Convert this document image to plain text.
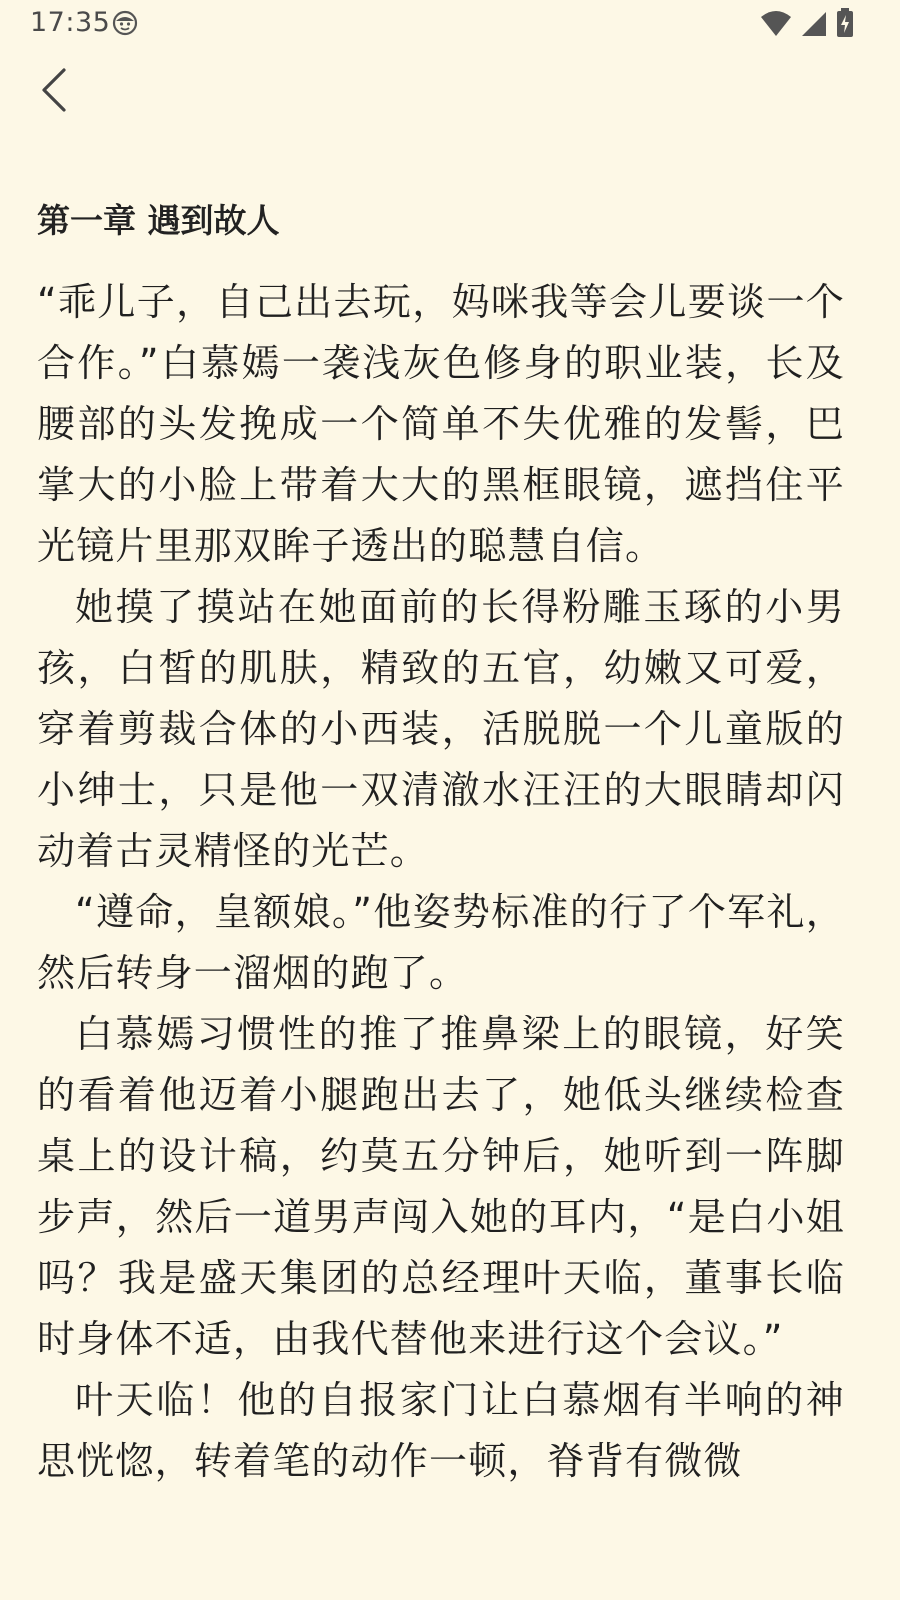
17:35
第一章 遇到故人

“乖儿子，自己出去玩，妈咪我等会儿要谈一个合作。”白慕嫣一袭浅灰色修身的职业装，长及腰部的头发挽成一个简单不失优雅的发髻，巴掌大的小脸上带着大大的黑框眼镜，遮挡住平光镜片里那双眸子透出的聪慧自信。

她摸了摸站在她面前的长得粉雕玉琢的小男孩，白皙的肌肤，精致的五官，幼嫩又可爱，穿着剪裁合体的小西装，活脱脱一个儿童版的小绅士，只是他一双清澈水汪汪的大眼睛却闪动着古灵精怪的光芒。

“遵命，皇额娘。”他姿势标准的行了个军礼，然后转身一溜烟的跑了。

白慕嫣习惯性的推了推鼻梁上的眼镜，好笑的看着他迈着小腿跑出去了，她低头继续检查桌上的设计稿，约莫五分钟后，她听到一阵脚步声，然后一道男声闯入她的耳内，“是白小姐吗？我是盛天集团的总经理叶天临，董事长临时身体不适，由我代替他来进行这个会议。”

叶天临！他的自报家门让白慕烟有半响的神思恍惚，转着笔的动作一顿，脊背有微微
